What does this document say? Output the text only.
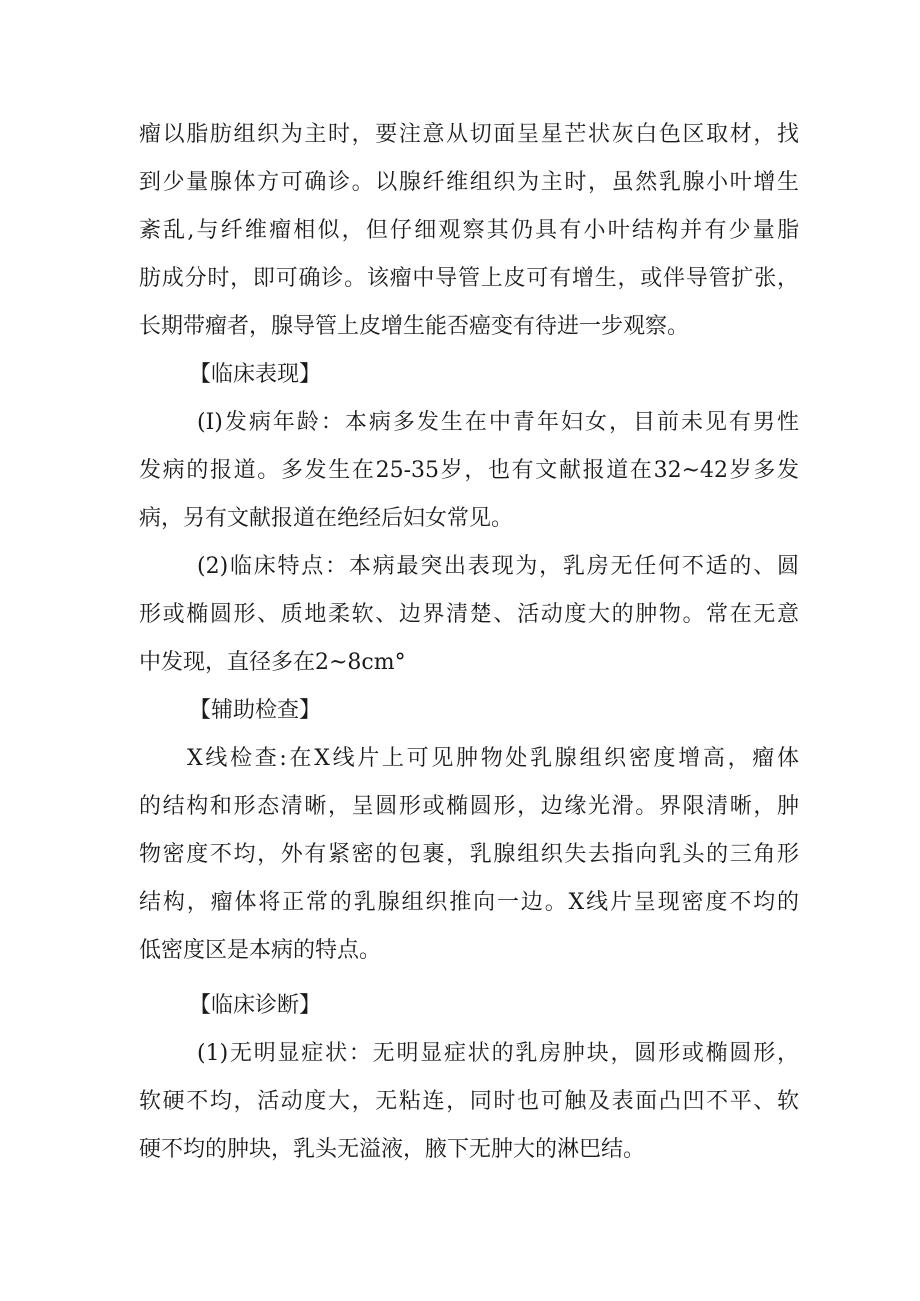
瘤以脂肪组织为主时，要注意从切面呈星芒状灰白色区取材，找
到少量腺体方可确诊。以腺纤维组织为主时，虽然乳腺小叶增生
紊乱,与纤维瘤相似，但仔细观察其仍具有小叶结构并有少量脂
肪成分时，即可确诊。该瘤中导管上皮可有增生，或伴导管扩张，
长期带瘤者，腺导管上皮增生能否癌变有待进一步观察。
【临床表现】
(I)发病年龄：本病多发生在中青年妇女，目前未见有男性
发病的报道。多发生在25-35岁，也有文献报道在32~42岁多发
病，另有文献报道在绝经后妇女常见。
(2)临床特点：本病最突出表现为，乳房无任何不适的、圆
形或椭圆形、质地柔软、边界清楚、活动度大的肿物。常在无意
中发现，直径多在2~8cm°
【辅助检查】
X线检查:在X线片上可见肿物处乳腺组织密度增高，瘤体
的结构和形态清晰，呈圆形或椭圆形，边缘光滑。界限清晰，肿
物密度不均，外有紧密的包裹，乳腺组织失去指向乳头的三角形
结构，瘤体将正常的乳腺组织推向一边。X线片呈现密度不均的
低密度区是本病的特点。
【临床诊断】
(1)无明显症状：无明显症状的乳房肿块，圆形或椭圆形，
软硬不均，活动度大，无粘连，同时也可触及表面凸凹不平、软
硬不均的肿块，乳头无溢液，腋下无肿大的淋巴结。
